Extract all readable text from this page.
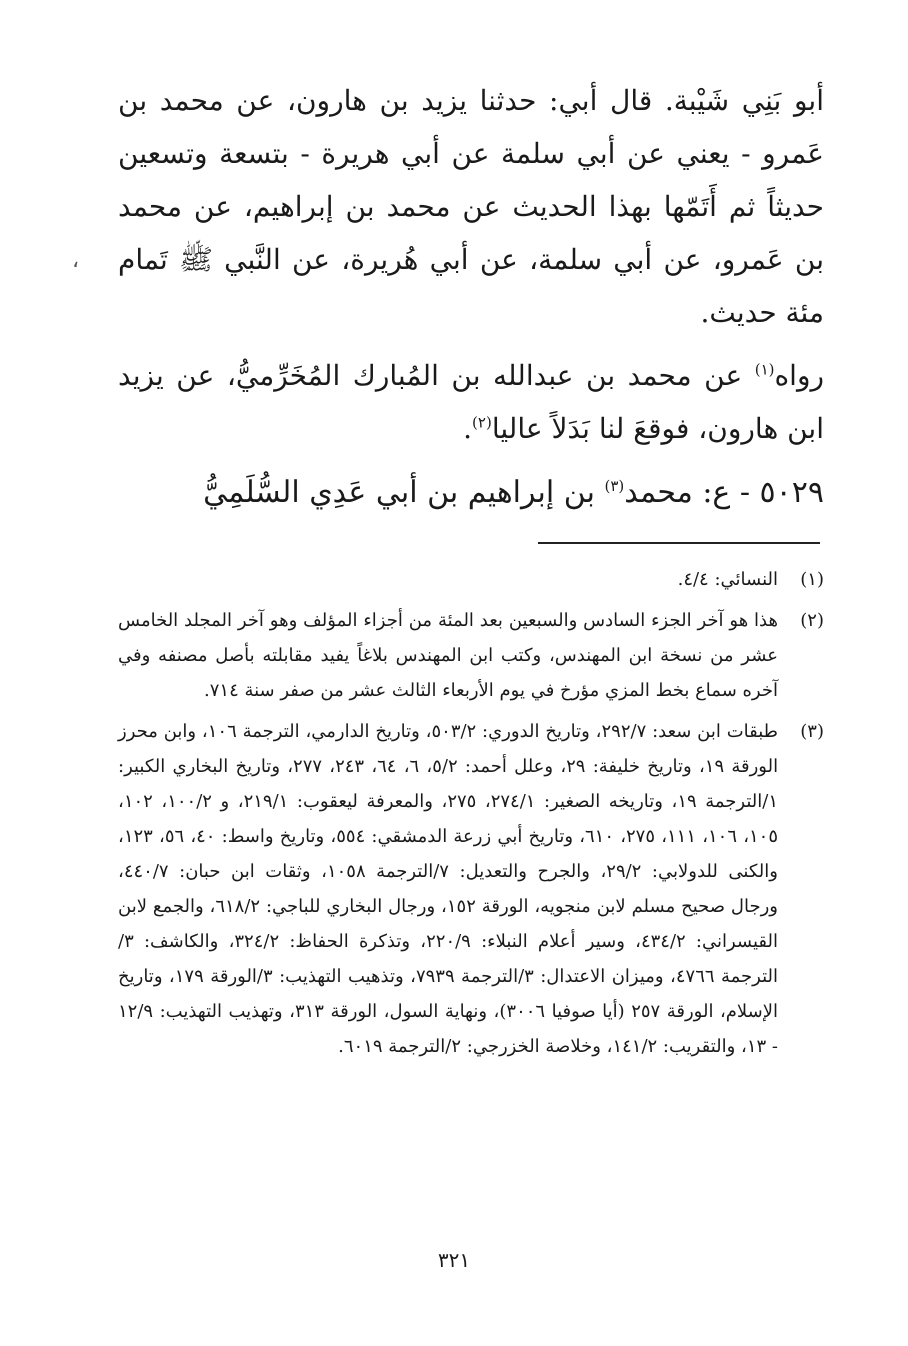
أبو بَنِي شَيْبة. قال أبي: حدثنا يزيد بن هارون، عن محمد بن عَمرو - يعني عن أبي سلمة عن أبي هريرة - بتسعة وتسعين حديثاً ثم أَتَمّها بهذا الحديث عن محمد بن إبراهيم، عن محمد بن عَمرو، عن أبي سلمة، عن أبي هُريرة، عن النَّبي ﷺ تَمام مئة حديث.

رواه$^{(١)}$ عن محمد بن عبدالله بن المُبارك المُخَرِّميُّ، عن يزيد ابن هارون، فوقعَ لنا بَدَلاً عاليا$^{(٢)}$.

٥٠٢٩ - ع: محمد$^{(٣)}$ بن إبراهيم بن أبي عَدِي السُّلَمِيُّ

،
(١)
النسائي: ٤/٤.
(٢)
هذا هو آخر الجزء السادس والسبعين بعد المئة من أجزاء المؤلف وهو آخر المجلد الخامس عشر من نسخة ابن المهندس، وكتب ابن المهندس بلاغاً يفيد مقابلته بأصل مصنفه وفي آخره سماع بخط المزي مؤرخ في يوم الأربعاء الثالث عشر من صفر سنة ٧١٤.
(٣)
طبقات ابن سعد: ٢٩٢/٧، وتاريخ الدوري: ٥٠٣/٢، وتاريخ الدارمي، الترجمة ١٠٦، وابن محرز الورقة ١٩، وتاريخ خليفة: ٢٩، وعلل أحمد: ٥/٢، ٦، ٦٤، ٢٤٣، ٢٧٧، وتاريخ البخاري الكبير: ١/الترجمة ١٩، وتاريخه الصغير: ٢٧٤/١، ٢٧٥، والمعرفة ليعقوب: ٢١٩/١، و ١٠٠/٢، ١٠٢، ١٠٥، ١٠٦، ١١١، ٢٧٥، ٦١٠، وتاريخ أبي زرعة الدمشقي: ٥٥٤، وتاريخ واسط: ٤٠، ٥٦، ١٢٣، والكنى للدولابي: ٢٩/٢، والجرح والتعديل: ٧/الترجمة ١٠٥٨، وثقات ابن حبان: ٤٤٠/٧، ورجال صحيح مسلم لابن منجويه، الورقة ١٥٢، ورجال البخاري للباجي: ٦١٨/٢، والجمع لابن القيسراني: ٤٣٤/٢، وسير أعلام النبلاء: ٢٢٠/٩، وتذكرة الحفاظ: ٣٢٤/٢، والكاشف: ٣/الترجمة ٤٧٦٦، وميزان الاعتدال: ٣/الترجمة ٧٩٣٩، وتذهيب التهذيب: ٣/الورقة ١٧٩، وتاريخ الإسلام، الورقة ٢٥٧ (أيا صوفيا ٣٠٠٦)، ونهاية السول، الورقة ٣١٣، وتهذيب التهذيب: ١٢/٩ - ١٣، والتقريب: ١٤١/٢، وخلاصة الخزرجي: ٢/الترجمة ٦٠١٩.
٣٢١
